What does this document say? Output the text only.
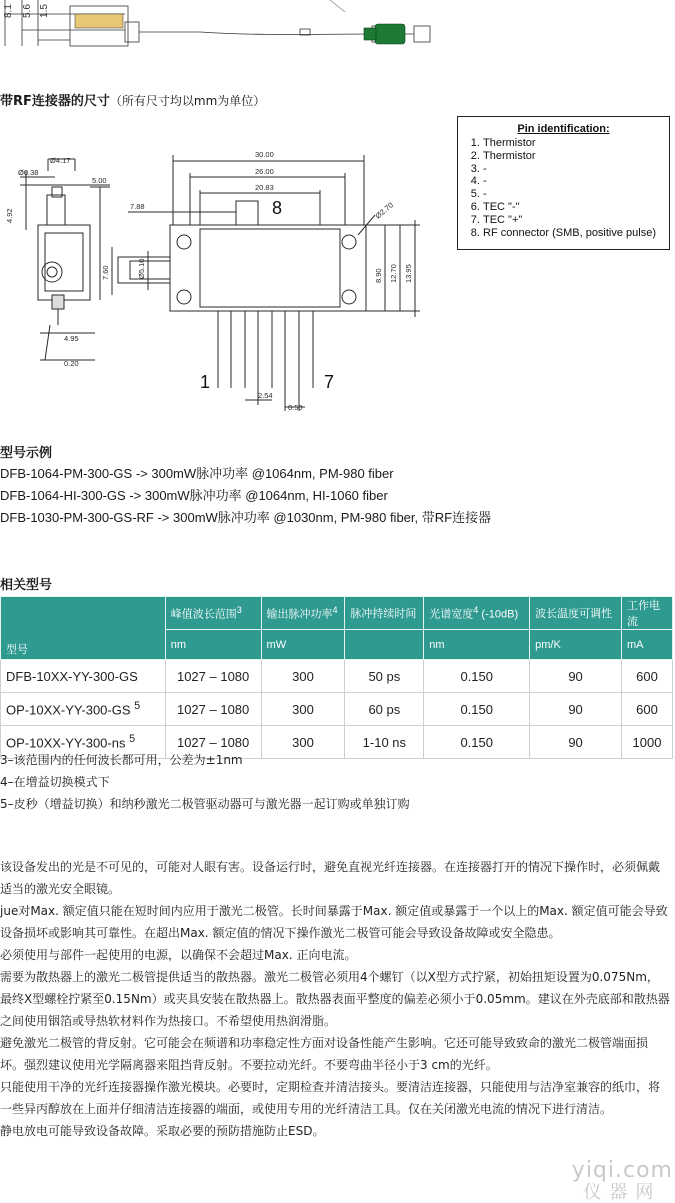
8.1 5.6 1.5
带RF连接器的尺寸（所有尺寸均以mm为单位）
Ø4.17
Ø0.38
5.00
4.92
7.88
30.00
26.00
20.83
Ø2.70
7.60	Ø5.10	8.90 12.70 13.95
4.95
0.20
2.54
0.50
8
1	7
Pin identification:
1. Thermistor
2. Thermistor
3. -
4. -
5. -
6. TEC "-"
7. TEC "+"
8. RF connector (SMB, positive pulse)
型号示例
DFB-1064-PM-300-GS -> 300mW脉冲功率 @1064nm, PM-980 fiber
DFB-1064-HI-300-GS -> 300mW脉冲功率 @1064nm, HI-1060 fiber
DFB-1030-PM-300-GS-RF -> 300mW脉冲功率 @1030nm, PM-980 fiber, 带RF连接器
相关型号
型号	峰值波长范围$^3$	输出脉冲功率$^4$	脉冲持续时间	光谱宽度$^4$ (-10dB)	波长温度可调性	工作电流
	nm	mW		nm	pm/K	mA
DFB-10XX-YY-300-GS	1027 – 1080	300	50 ps	0.150	90	600
OP-10XX-YY-300-GS $^5$	1027 – 1080	300	60 ps	0.150	90	600
OP-10XX-YY-300-ns $^5$	1027 – 1080	300	1-10 ns	0.150	90	1000
3–该范围内的任何波长都可用，公差为±1nm
4–在增益切换模式下
5–皮秒（增益切换）和纳秒激光二极管驱动器可与激光器一起订购或单独订购

该设备发出的光是不可见的，可能对人眼有害。设备运行时，避免直视光纤连接器。在连接器打开的情况下操作时，必须佩戴适当的激光安全眼镜。

jue对Max. 额定值只能在短时间内应用于激光二极管。长时间暴露于Max. 额定值或暴露于一个以上的Max. 额定值可能会导致设备损坏或影响其可靠性。在超出Max. 额定值的情况下操作激光二极管可能会导致设备故障或安全隐患。

必须使用与部件一起使用的电源，以确保不会超过Max. 正向电流。

需要为散热器上的激光二极管提供适当的散热器。激光二极管必须用4个螺钉（以X型方式拧紧，初始扭矩设置为0.075Nm，最终X型螺栓拧紧至0.15Nm）或夹具安装在散热器上。散热器表面平整度的偏差必须小于0.05mm。建议在外壳底部和散热器之间使用铟箔或导热软材料作为热接口。不希望使用热润滑脂。

避免激光二极管的背反射。它可能会在频谱和功率稳定性方面对设备性能产生影响。它还可能导致致命的激光二极管端面损坏。强烈建议使用光学隔离器来阻挡背反射。不要拉动光纤。不要弯曲半径小于3 cm的光纤。

只能使用干净的光纤连接器操作激光模块。必要时，定期检查并清洁接头。要清洁连接器，只能使用与洁净室兼容的纸巾，将一些异丙醇放在上面并仔细清洁连接器的端面，或使用专用的光纤清洁工具。仅在关闭激光电流的情况下进行清洁。

静电放电可能导致设备故障。采取必要的预防措施防止ESD。

yiqi.com
仪器网
